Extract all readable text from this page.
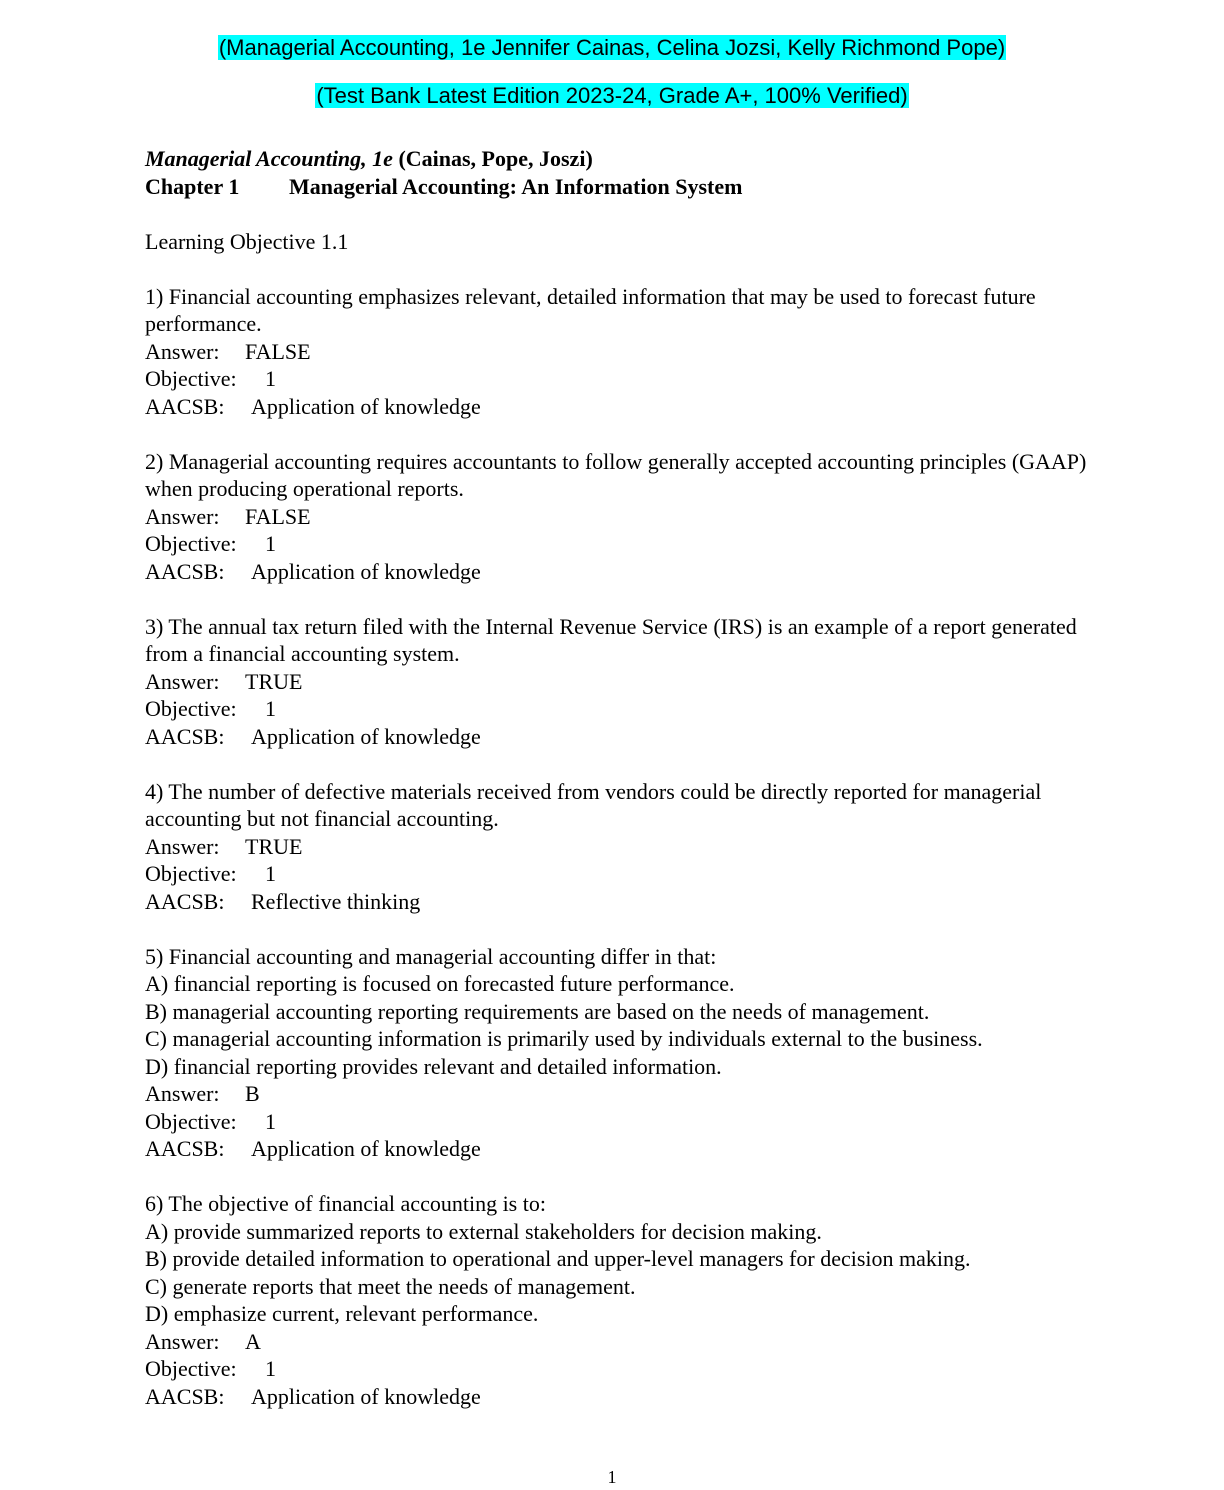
(Managerial Accounting, 1e Jennifer Cainas, Celina Jozsi, Kelly Richmond Pope)
(Test Bank Latest Edition 2023-24, Grade A+, 100% Verified)
Managerial Accounting, 1e (Cainas, Pope, Joszi)
Chapter 1	Managerial Accounting: An Information System
Learning Objective 1.1
1) Financial accounting emphasizes relevant, detailed information that may be used to forecast future performance.
Answer:	FALSE
Objective:	1
AACSB:	Application of knowledge
2) Managerial accounting requires accountants to follow generally accepted accounting principles (GAAP) when producing operational reports.
Answer:	FALSE
Objective:	1
AACSB:	Application of knowledge
3) The annual tax return filed with the Internal Revenue Service (IRS) is an example of a report generated from a financial accounting system.
Answer:	TRUE
Objective:	1
AACSB:	Application of knowledge
4) The number of defective materials received from vendors could be directly reported for managerial accounting but not financial accounting.
Answer:	TRUE
Objective:	1
AACSB:	Reflective thinking
5) Financial accounting and managerial accounting differ in that:
A) financial reporting is focused on forecasted future performance.
B) managerial accounting reporting requirements are based on the needs of management.
C) managerial accounting information is primarily used by individuals external to the business.
D) financial reporting provides relevant and detailed information.
Answer:	B
Objective:	1
AACSB:	Application of knowledge
6) The objective of financial accounting is to:
A) provide summarized reports to external stakeholders for decision making.
B) provide detailed information to operational and upper-level managers for decision making.
C) generate reports that meet the needs of management.
D) emphasize current, relevant performance.
Answer:	A
Objective:	1
AACSB:	Application of knowledge
1
